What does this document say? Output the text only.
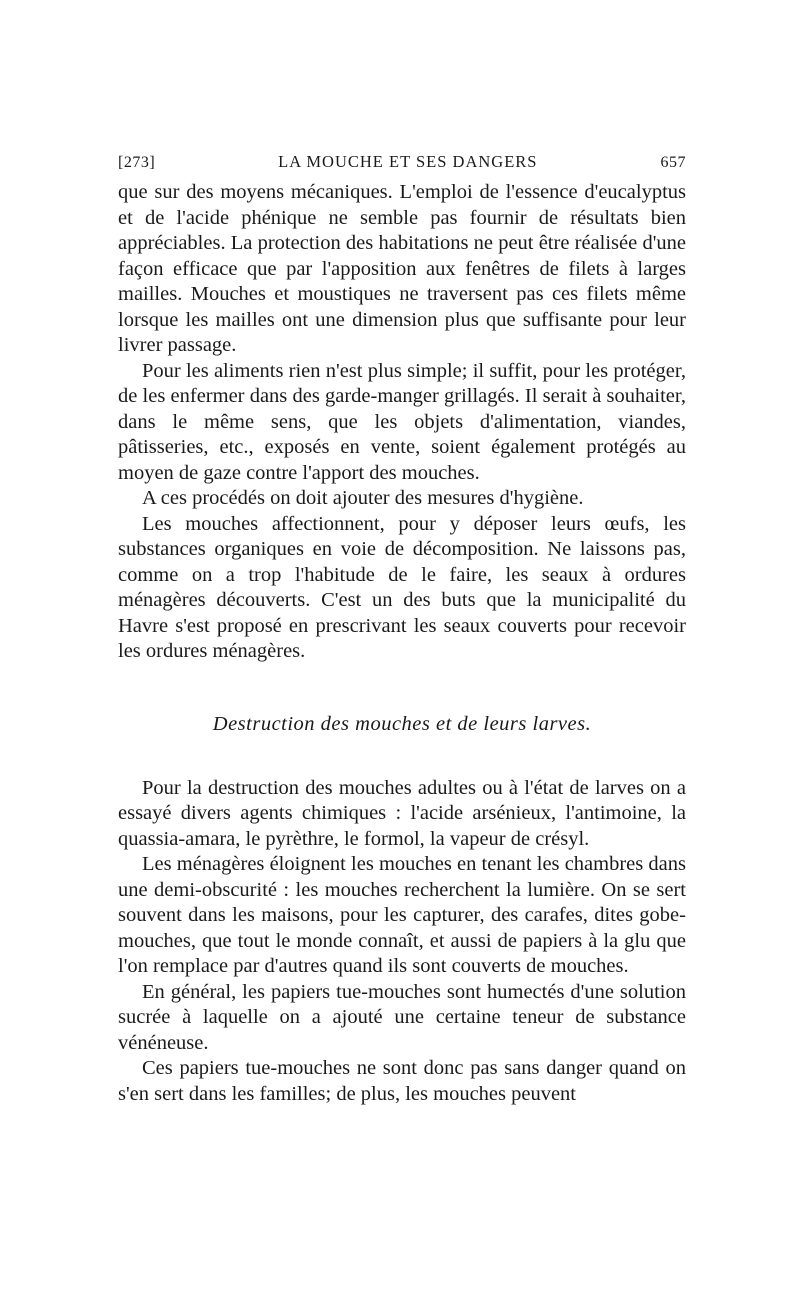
[273]	LA MOUCHE ET SES DANGERS	657

que sur des moyens mécaniques. L'emploi de l'essence d'eucalyptus et de l'acide phénique ne semble pas fournir de résultats bien appréciables. La protection des habitations ne peut être réalisée d'une façon efficace que par l'apposition aux fenêtres de filets à larges mailles. Mouches et moustiques ne traversent pas ces filets même lorsque les mailles ont une dimension plus que suffisante pour leur livrer passage.

Pour les aliments rien n'est plus simple; il suffit, pour les protéger, de les enfermer dans des garde-manger grillagés. Il serait à souhaiter, dans le même sens, que les objets d'alimentation, viandes, pâtisseries, etc., exposés en vente, soient également protégés au moyen de gaze contre l'apport des mouches.

A ces procédés on doit ajouter des mesures d'hygiène.

Les mouches affectionnent, pour y déposer leurs œufs, les substances organiques en voie de décomposition. Ne laissons pas, comme on a trop l'habitude de le faire, les seaux à ordures ménagères découverts. C'est un des buts que la municipalité du Havre s'est proposé en prescrivant les seaux couverts pour recevoir les ordures ménagères.

Destruction des mouches et de leurs larves.

Pour la destruction des mouches adultes ou à l'état de larves on a essayé divers agents chimiques : l'acide arsénieux, l'antimoine, la quassia-amara, le pyrèthre, le formol, la vapeur de crésyl.

Les ménagères éloignent les mouches en tenant les chambres dans une demi-obscurité : les mouches recherchent la lumière. On se sert souvent dans les maisons, pour les capturer, des carafes, dites gobe-mouches, que tout le monde connaît, et aussi de papiers à la glu que l'on remplace par d'autres quand ils sont couverts de mouches.

En général, les papiers tue-mouches sont humectés d'une solution sucrée à laquelle on a ajouté une certaine teneur de substance vénéneuse.

Ces papiers tue-mouches ne sont donc pas sans danger quand on s'en sert dans les familles; de plus, les mouches peuvent
